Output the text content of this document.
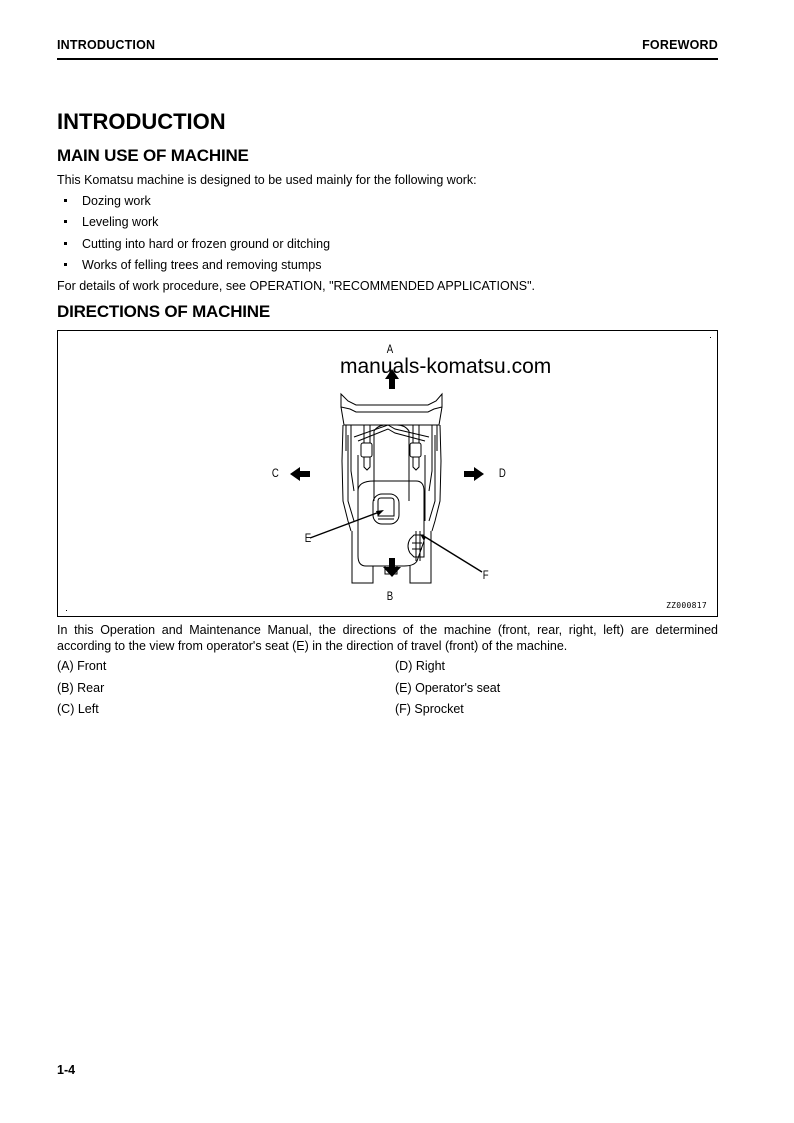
INTRODUCTION	FOREWORD
INTRODUCTION
MAIN USE OF MACHINE

This Komatsu machine is designed to be used mainly for the following work:

Dozing work
Leveling work
Cutting into hard or frozen ground or ditching
Works of felling trees and removing stumps

For details of work procedure, see OPERATION, "RECOMMENDED APPLICATIONS".

DIRECTIONS OF MACHINE
A
B
C	D
E
F
manuals-komatsu.com
ZZ000817

In this Operation and Maintenance Manual, the directions of the machine (front, rear, right, left) are determined according to the view from operator's seat (E) in the direction of travel (front) of the machine.

(A) Front
(B) Rear
(C) Left
(D) Right
(E) Operator's seat
(F) Sprocket
1-4
